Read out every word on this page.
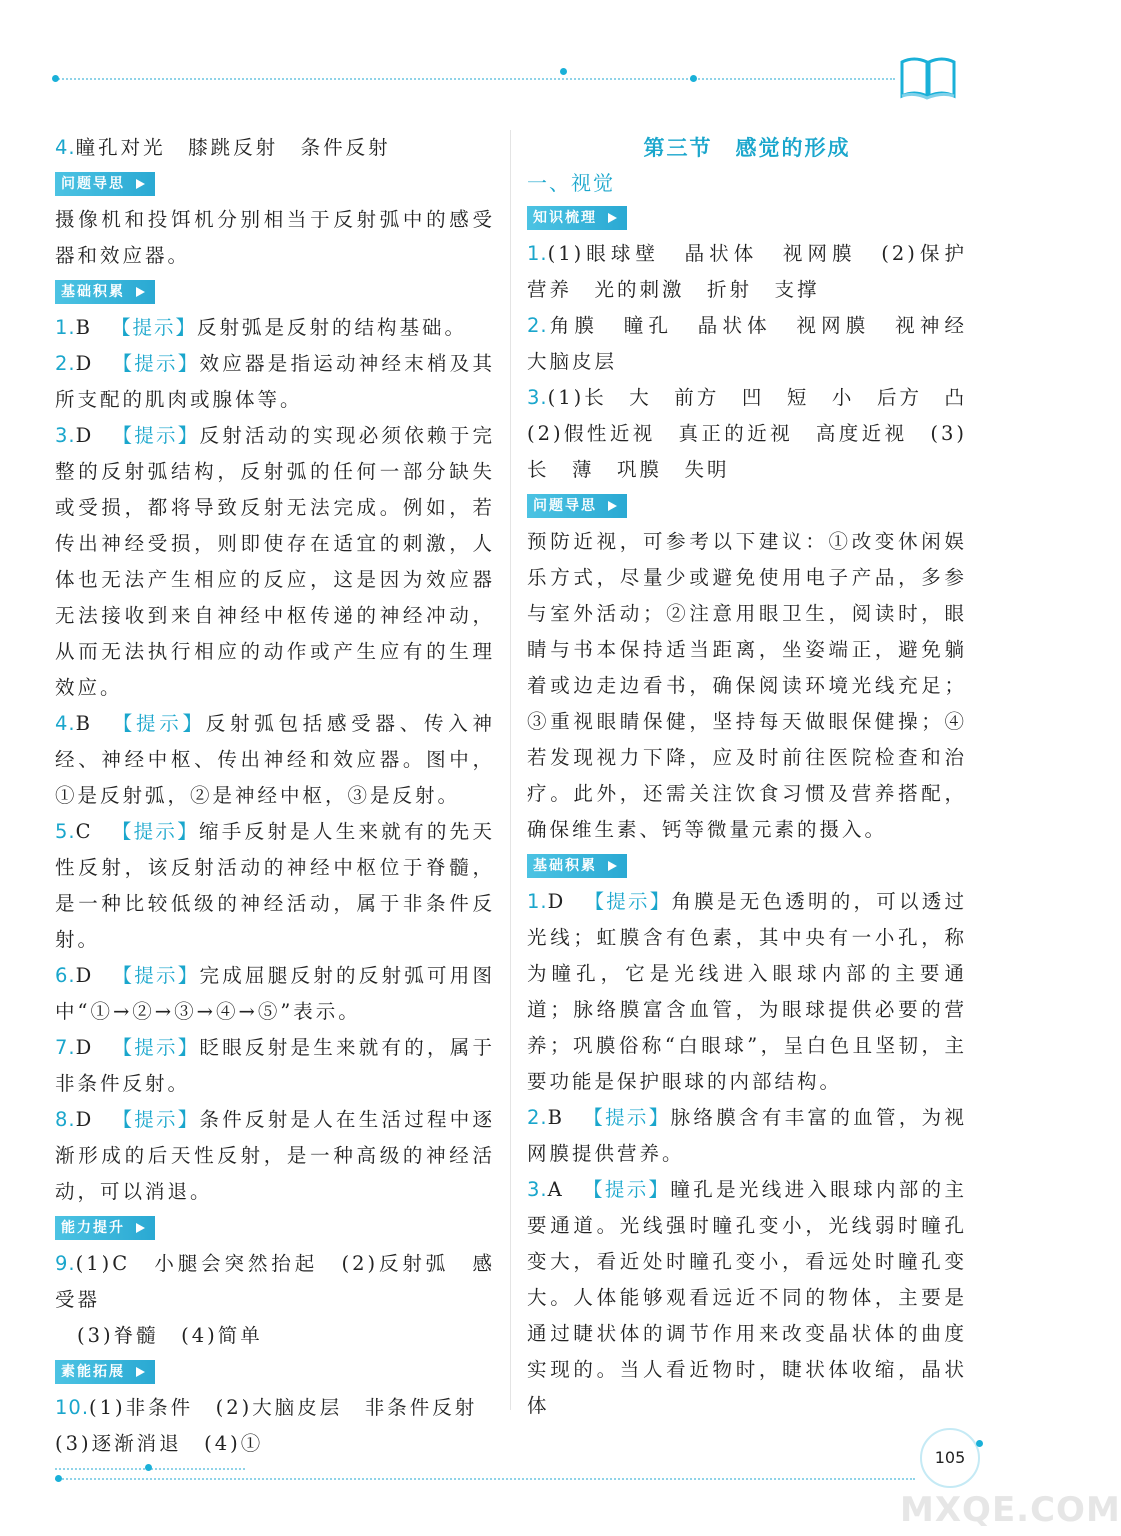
4.瞳孔对光　膝跳反射　条件反射

问题导思

摄像机和投饵机分别相当于反射弧中的感受器和效应器。

基础积累

1.B 【提示】反射弧是反射的结构基础。

2.D 【提示】效应器是指运动神经末梢及其所支配的肌肉或腺体等。

3.D 【提示】反射活动的实现必须依赖于完整的反射弧结构，反射弧的任何一部分缺失或受损，都将导致反射无法完成。例如，若传出神经受损，则即使存在适宜的刺激，人体也无法产生相应的反应，这是因为效应器无法接收到来自神经中枢传递的神经冲动，从而无法执行相应的动作或产生应有的生理效应。

4.B 【提示】反射弧包括感受器、传入神经、神经中枢、传出神经和效应器。图中，①是反射弧，②是神经中枢，③是反射。

5.C 【提示】缩手反射是人生来就有的先天性反射，该反射活动的神经中枢位于脊髓，是一种比较低级的神经活动，属于非条件反射。

6.D 【提示】完成屈腿反射的反射弧可用图中“①→②→③→④→⑤”表示。

7.D 【提示】眨眼反射是生来就有的，属于非条件反射。

8.D 【提示】条件反射是人在生活过程中逐渐形成的后天性反射，是一种高级的神经活动，可以消退。

能力提升

9.(1)C　小腿会突然抬起　(2)反射弧　感受器

(3)脊髓　(4)简单

素能拓展

10.(1)非条件　(2)大脑皮层　非条件反射

(3)逐渐消退　(4)①

第三节　感觉的形成
一、视觉
知识梳理

1.(1)眼球壁　晶状体　视网膜　(2)保护　营养　光的刺激　折射　支撑

2.角膜　瞳孔　晶状体　视网膜　视神经　大脑皮层

3.(1)长　大　前方　凹　短　小　后方　凸　(2)假性近视　真正的近视　高度近视　(3)长　薄　巩膜　失明

问题导思

预防近视，可参考以下建议：①改变休闲娱乐方式，尽量少或避免使用电子产品，多参与室外活动；②注意用眼卫生，阅读时，眼睛与书本保持适当距离，坐姿端正，避免躺着或边走边看书，确保阅读环境光线充足；③重视眼睛保健，坚持每天做眼保健操；④若发现视力下降，应及时前往医院检查和治疗。此外，还需关注饮食习惯及营养搭配，确保维生素、钙等微量元素的摄入。

基础积累

1.D 【提示】角膜是无色透明的，可以透过光线；虹膜含有色素，其中央有一小孔，称为瞳孔，它是光线进入眼球内部的主要通道；脉络膜富含血管，为眼球提供必要的营养；巩膜俗称“白眼球”，呈白色且坚韧，主要功能是保护眼球的内部结构。

2.B 【提示】脉络膜含有丰富的血管，为视网膜提供营养。

3.A 【提示】瞳孔是光线进入眼球内部的主要通道。光线强时瞳孔变小，光线弱时瞳孔变大，看近处时瞳孔变小，看远处时瞳孔变大。人体能够观看远近不同的物体，主要是通过睫状体的调节作用来改变晶状体的曲度实现的。当人看近物时，睫状体收缩，晶状体

105
MXQE.COM
